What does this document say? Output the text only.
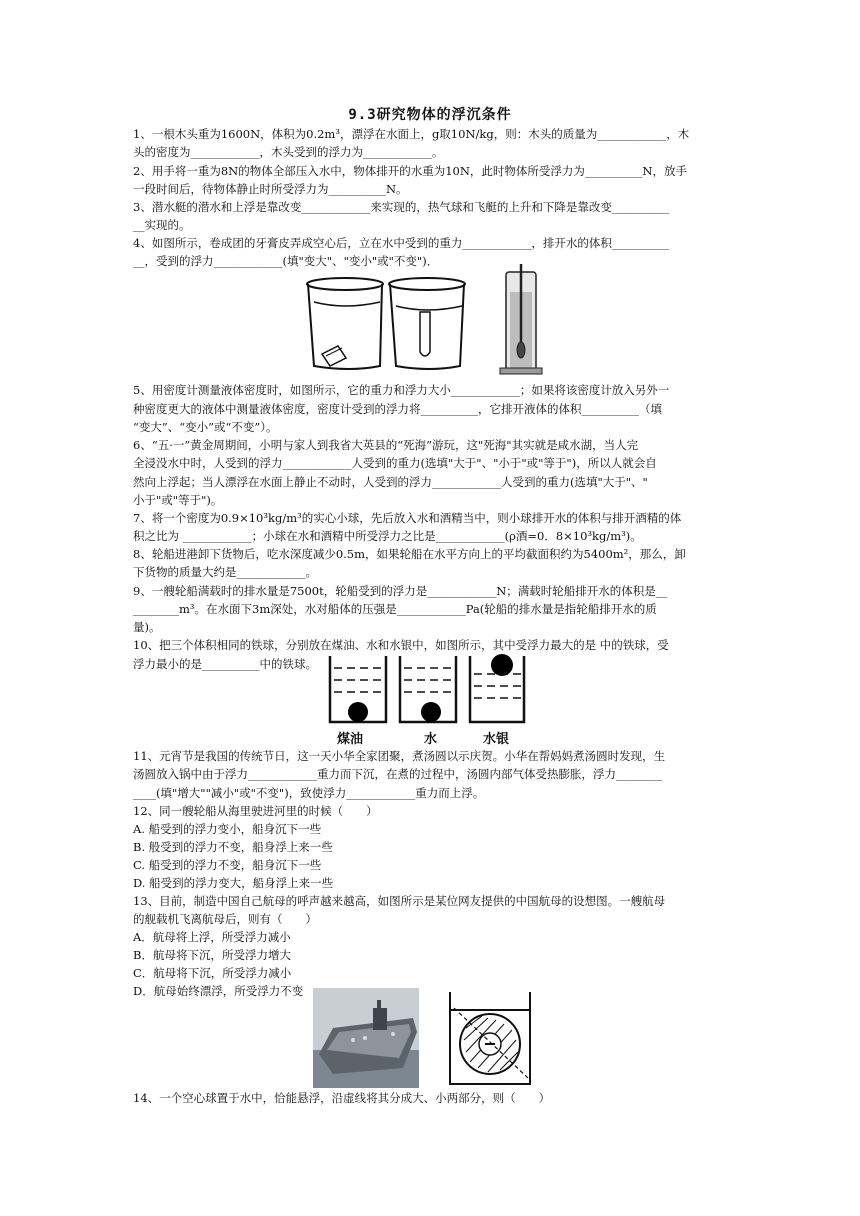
9.3研究物体的浮沉条件
1、一根木头重为1600N，体积为0.2m³，漂浮在水面上，g取10N/kg，则：木头的质量为____________，木
头的密度为____________，木头受到的浮力为____________。
2、用手将一重为8N的物体全部压入水中，物体排开的水重为10N，此时物体所受浮力为__________N，放手
一段时间后，待物体静止时所受浮力为__________N。
3、潜水艇的潜水和上浮是靠改变____________来实现的，热气球和飞艇的上升和下降是靠改变__________
__实现的。
4、如图所示，卷成团的牙膏皮弄成空心后，立在水中受到的重力____________，排开水的体积__________
__，受到的浮力____________(填"变大"、"变小"或"不变")．
5、用密度计测量液体密度时，如图所示，它的重力和浮力大小____________；如果将该密度计放入另外一
种密度更大的液体中测量液体密度，密度计受到的浮力将__________，它排开液体的体积__________（填
“变大”、“变小”或“不变”）。
6、“五·一”黄金周期间，小明与家人到我省大英县的“死海”游玩，这"死海"其实就是咸水湖，当人完
全浸没水中时，人受到的浮力____________人受到的重力(选填"大于"、"小于"或"等于")，所以人就会自
然向上浮起；当人漂浮在水面上静止不动时，人受到的浮力____________人受到的重力(选填"大于"、"
小于"或"等于")。
7、将一个密度为0.9×10³kg/m³的实心小球，先后放入水和酒精当中，则小球排开水的体积与排开酒精的体
积之比为 ____________；小球在水和酒精中所受浮力之比是____________(ρ酒=0．8×10³kg/m³)。
8、轮船进港卸下货物后，吃水深度减少0.5m，如果轮船在水平方向上的平均截面积约为5400m²，那么，卸
下货物的质量大约是____________。
9、一艘轮船满载时的排水量是7500t，轮船受到的浮力是____________N；满载时轮船排开水的体积是__
________m³。在水面下3m深处，水对船体的压强是____________Pa(轮船的排水量是指轮船排开水的质
量)。
10、把三个体积相同的铁球，分别放在煤油、水和水银中，如图所示，其中受浮力最大的是 中的铁球，受
浮力最小的是__________中的铁球。
煤油	水	水银
11、元宵节是我国的传统节日，这一天小华全家团聚，煮汤圆以示庆贺。小华在帮妈妈煮汤圆时发现，生
汤圆放入锅中由于浮力____________重力而下沉，在煮的过程中，汤圆内部气体受热膨胀，浮力________
____(填"增大""减小"或"不变")，致使浮力____________重力而上浮。
12、同一艘轮船从海里驶进河里的时候（　　）
A. 船受到的浮力变小，船身沉下一些
B. 般受到的浮力不变，船身浮上来一些
C. 船受到的浮力不变，船身沉下一些
D. 船受到的浮力变大，船身浮上来一些
13、目前，制造中国自己航母的呼声越来越高，如图所示是某位网友提供的中国航母的设想图。一艘航母
的舰载机飞离航母后，则有（　　）
A．航母将上浮，所受浮力减小
B．航母将下沉，所受浮力增大
C．航母将下沉，所受浮力减小
D．航母始终漂浮，所受浮力不变
14、一个空心球置于水中，恰能悬浮，沿虚线将其分成大、小两部分，则（　　）
